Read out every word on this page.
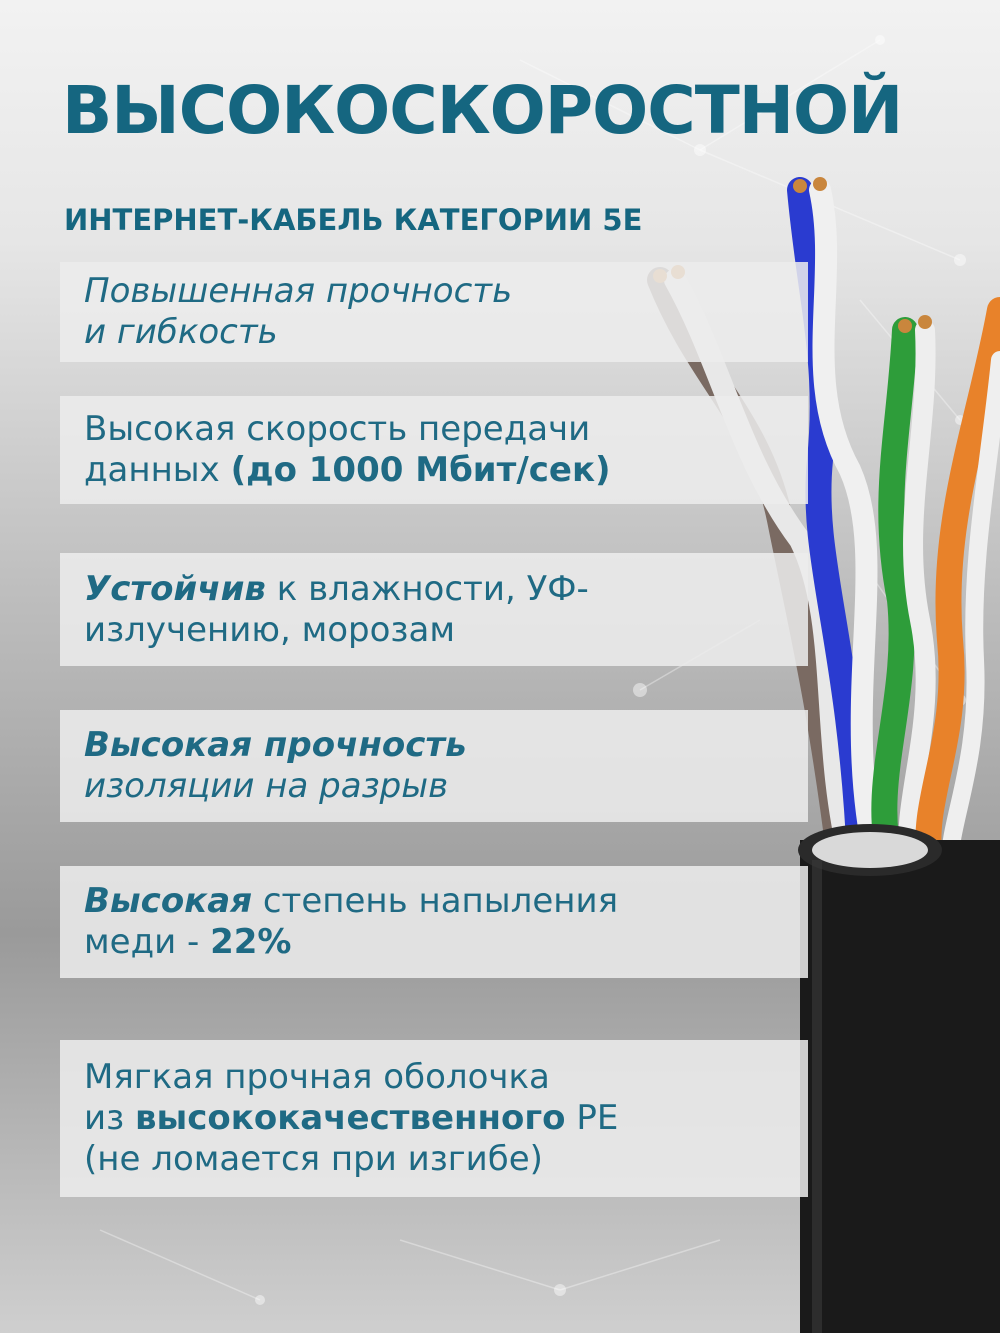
ВЫСОКОСКОРОСТНОЙ
ИНТЕРНЕТ-КАБЕЛЬ КАТЕГОРИИ 5Е
Повышенная прочность
и гибкость
Высокая скорость передачи
данных (до 1000 Мбит/сек)
Устойчив к влажности, УФ-
излучению, морозам
Высокая прочность
изоляции на разрыв
Высокая степень напыления
меди - 22%
Мягкая прочная оболочка
из высококачественного РЕ
(не ломается при изгибе)
